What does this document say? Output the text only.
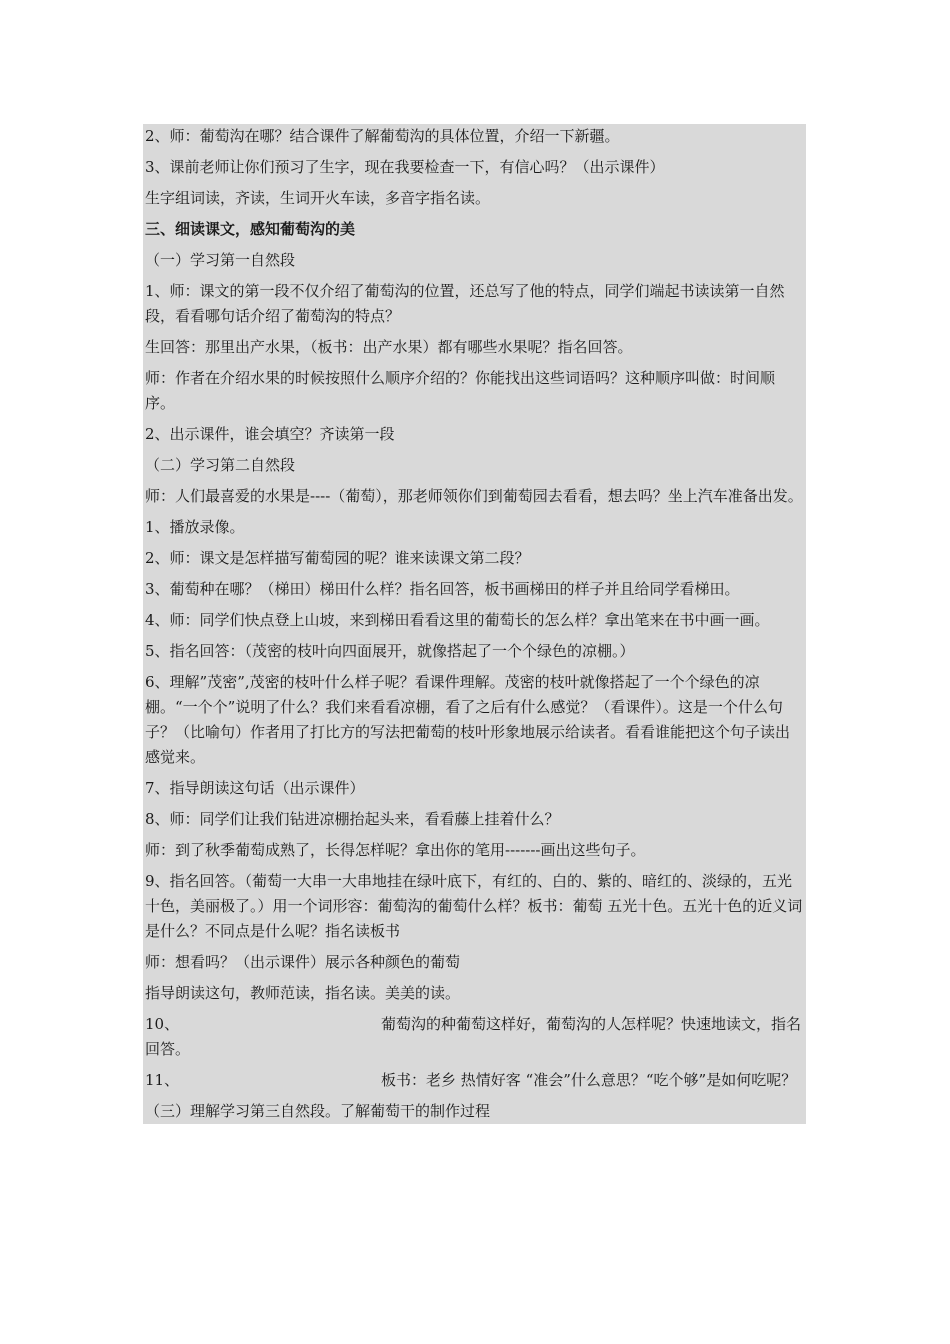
2、师：葡萄沟在哪？结合课件了解葡萄沟的具体位置，介绍一下新疆。
3、课前老师让你们预习了生字，现在我要检查一下，有信心吗？（出示课件）
生字组词读，齐读，生词开火车读，多音字指名读。
三、细读课文，感知葡萄沟的美
（一）学习第一自然段
1、师：课文的第一段不仅介绍了葡萄沟的位置，还总写了他的特点，同学们端起书读读第一自然段，看看哪句话介绍了葡萄沟的特点？
生回答：那里出产水果，（板书：出产水果）都有哪些水果呢？指名回答。
师：作者在介绍水果的时候按照什么顺序介绍的？你能找出这些词语吗？这种顺序叫做：时间顺序。
2、出示课件，谁会填空？齐读第一段
（二）学习第二自然段
师：人们最喜爱的水果是----（葡萄），那老师领你们到葡萄园去看看，想去吗？坐上汽车准备出发。
1、播放录像。
2、师：课文是怎样描写葡萄园的呢？谁来读课文第二段？
3、葡萄种在哪？（梯田）梯田什么样？指名回答，板书画梯田的样子并且给同学看梯田。
4、师：同学们快点登上山坡，来到梯田看看这里的葡萄长的怎么样？拿出笔来在书中画一画。
5、指名回答：（茂密的枝叶向四面展开，就像搭起了一个个绿色的凉棚。）
6、理解”茂密”,茂密的枝叶什么样子呢？看课件理解。茂密的枝叶就像搭起了一个个绿色的凉棚。“一个个”说明了什么？我们来看看凉棚，看了之后有什么感觉？（看课件）。这是一个什么句子？（比喻句）作者用了打比方的写法把葡萄的枝叶形象地展示给读者。看看谁能把这个句子读出感觉来。
7、指导朗读这句话（出示课件）
8、师：同学们让我们钻进凉棚抬起头来，看看藤上挂着什么？
师：到了秋季葡萄成熟了，长得怎样呢？拿出你的笔用-------画出这些句子。
9、指名回答。（葡萄一大串一大串地挂在绿叶底下，有红的、白的、紫的、暗红的、淡绿的，五光十色，美丽极了。）用一个词形容：葡萄沟的葡萄什么样？板书：葡萄 五光十色。五光十色的近义词是什么？不同点是什么呢？指名读板书
师：想看吗？（出示课件）展示各种颜色的葡萄
指导朗读这句，教师范读，指名读。美美的读。
10、	葡萄沟的种葡萄这样好，葡萄沟的人怎样呢？快速地读文，指名回答。
11、	板书：老乡 热情好客 “准会”什么意思？“吃个够”是如何吃呢？
（三）理解学习第三自然段。了解葡萄干的制作过程
